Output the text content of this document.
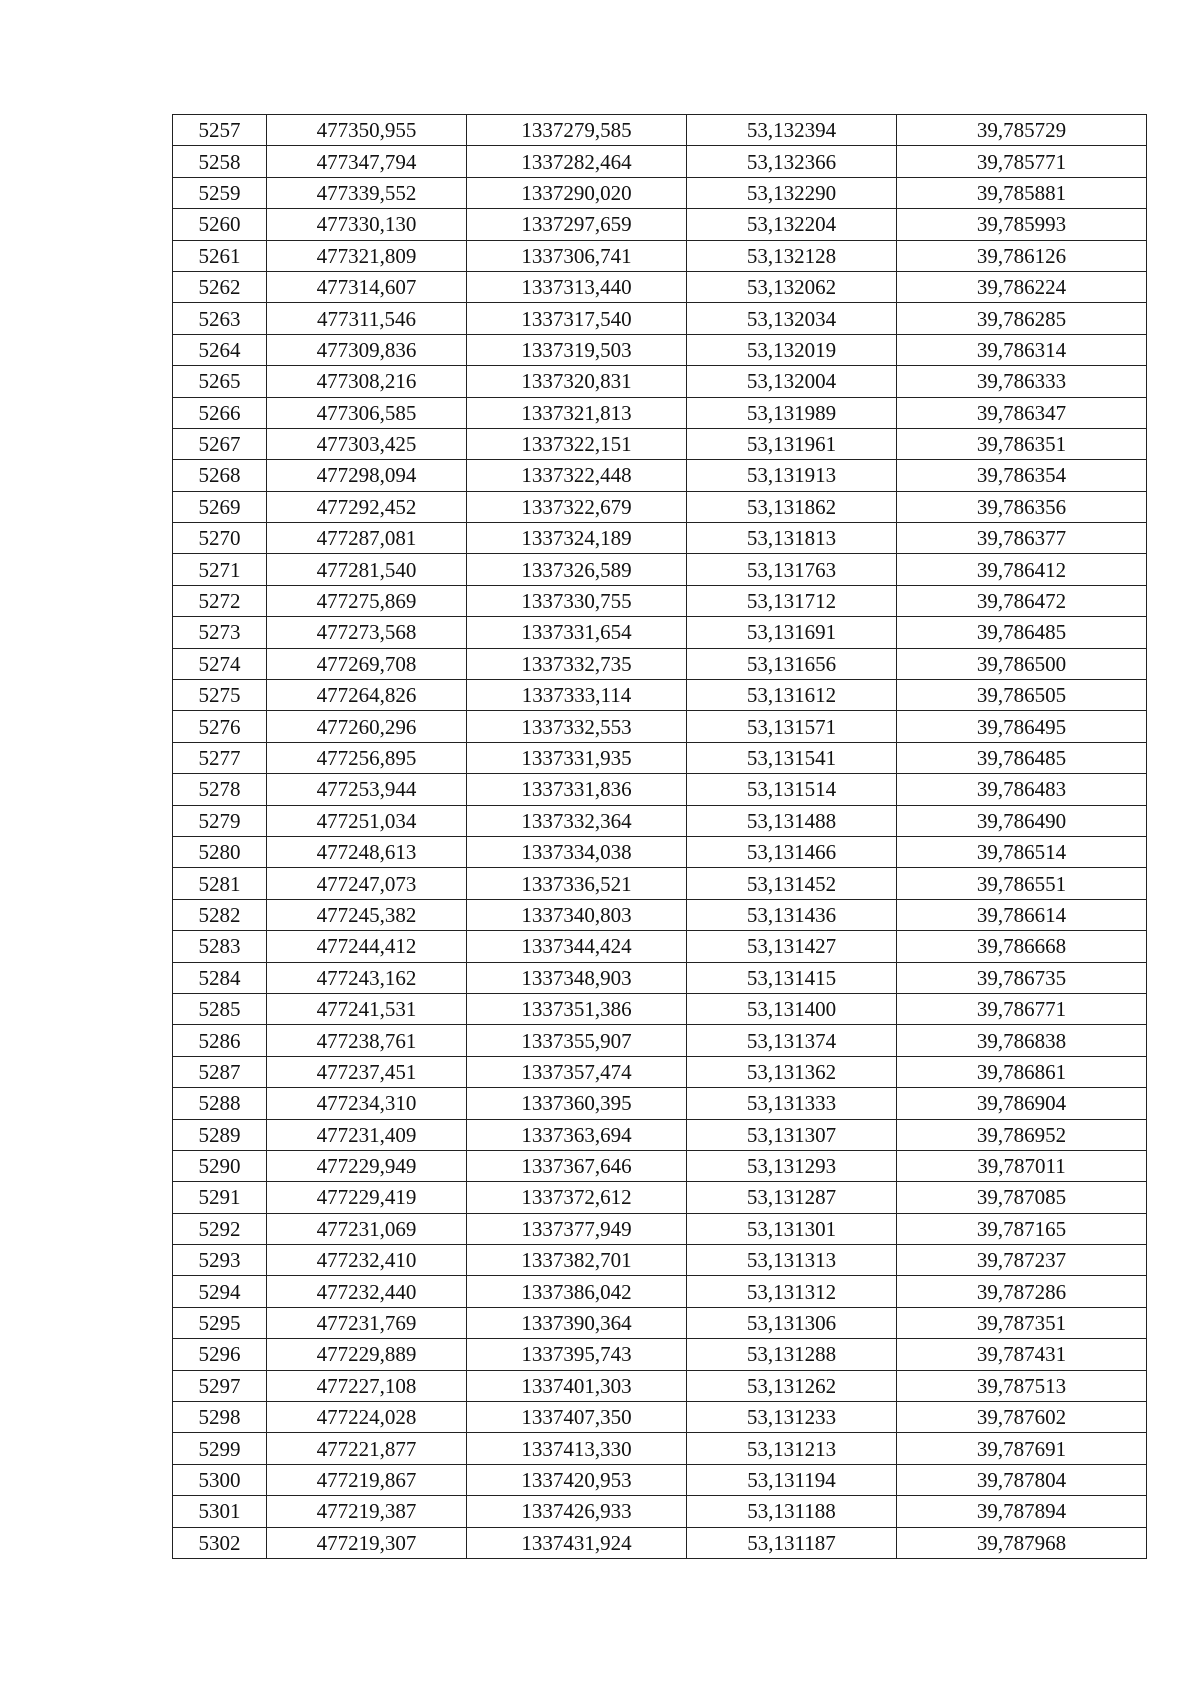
5257	477350,955	1337279,585	53,132394	39,785729
5258	477347,794	1337282,464	53,132366	39,785771
5259	477339,552	1337290,020	53,132290	39,785881
5260	477330,130	1337297,659	53,132204	39,785993
5261	477321,809	1337306,741	53,132128	39,786126
5262	477314,607	1337313,440	53,132062	39,786224
5263	477311,546	1337317,540	53,132034	39,786285
5264	477309,836	1337319,503	53,132019	39,786314
5265	477308,216	1337320,831	53,132004	39,786333
5266	477306,585	1337321,813	53,131989	39,786347
5267	477303,425	1337322,151	53,131961	39,786351
5268	477298,094	1337322,448	53,131913	39,786354
5269	477292,452	1337322,679	53,131862	39,786356
5270	477287,081	1337324,189	53,131813	39,786377
5271	477281,540	1337326,589	53,131763	39,786412
5272	477275,869	1337330,755	53,131712	39,786472
5273	477273,568	1337331,654	53,131691	39,786485
5274	477269,708	1337332,735	53,131656	39,786500
5275	477264,826	1337333,114	53,131612	39,786505
5276	477260,296	1337332,553	53,131571	39,786495
5277	477256,895	1337331,935	53,131541	39,786485
5278	477253,944	1337331,836	53,131514	39,786483
5279	477251,034	1337332,364	53,131488	39,786490
5280	477248,613	1337334,038	53,131466	39,786514
5281	477247,073	1337336,521	53,131452	39,786551
5282	477245,382	1337340,803	53,131436	39,786614
5283	477244,412	1337344,424	53,131427	39,786668
5284	477243,162	1337348,903	53,131415	39,786735
5285	477241,531	1337351,386	53,131400	39,786771
5286	477238,761	1337355,907	53,131374	39,786838
5287	477237,451	1337357,474	53,131362	39,786861
5288	477234,310	1337360,395	53,131333	39,786904
5289	477231,409	1337363,694	53,131307	39,786952
5290	477229,949	1337367,646	53,131293	39,787011
5291	477229,419	1337372,612	53,131287	39,787085
5292	477231,069	1337377,949	53,131301	39,787165
5293	477232,410	1337382,701	53,131313	39,787237
5294	477232,440	1337386,042	53,131312	39,787286
5295	477231,769	1337390,364	53,131306	39,787351
5296	477229,889	1337395,743	53,131288	39,787431
5297	477227,108	1337401,303	53,131262	39,787513
5298	477224,028	1337407,350	53,131233	39,787602
5299	477221,877	1337413,330	53,131213	39,787691
5300	477219,867	1337420,953	53,131194	39,787804
5301	477219,387	1337426,933	53,131188	39,787894
5302	477219,307	1337431,924	53,131187	39,787968
